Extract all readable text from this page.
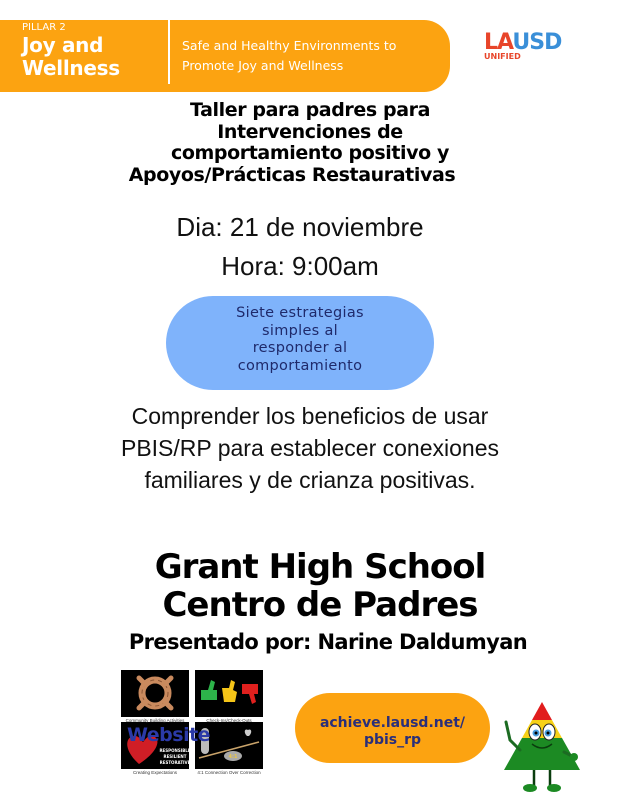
PILLAR 2
Joy and
Wellness
Safe and Healthy Environments to
Promote Joy and Wellness
LAUSD
UNIFIED
Taller para padres para
Intervenciones de
comportamiento positivo y
Apoyos/Prácticas Restaurativas
Dia: 21 de noviembre
Hora: 9:00am
Siete estrategias
simples al
responder al
comportamiento
Comprender los beneficios de usar
PBIS/RP para establecer conexiones
familiares y de crianza positivas.
Grant High School
Centro de Padres
Presentado por: Narine Daldumyan
RESPONSIBLE
RESILIENT
RESTORATIVE
4:1
Community Building Activities	Check-Ins/Check-Outs
Creating Expectations	4:1 Connection Over Correction
Website
achieve.lausd.net/
pbis_rp
